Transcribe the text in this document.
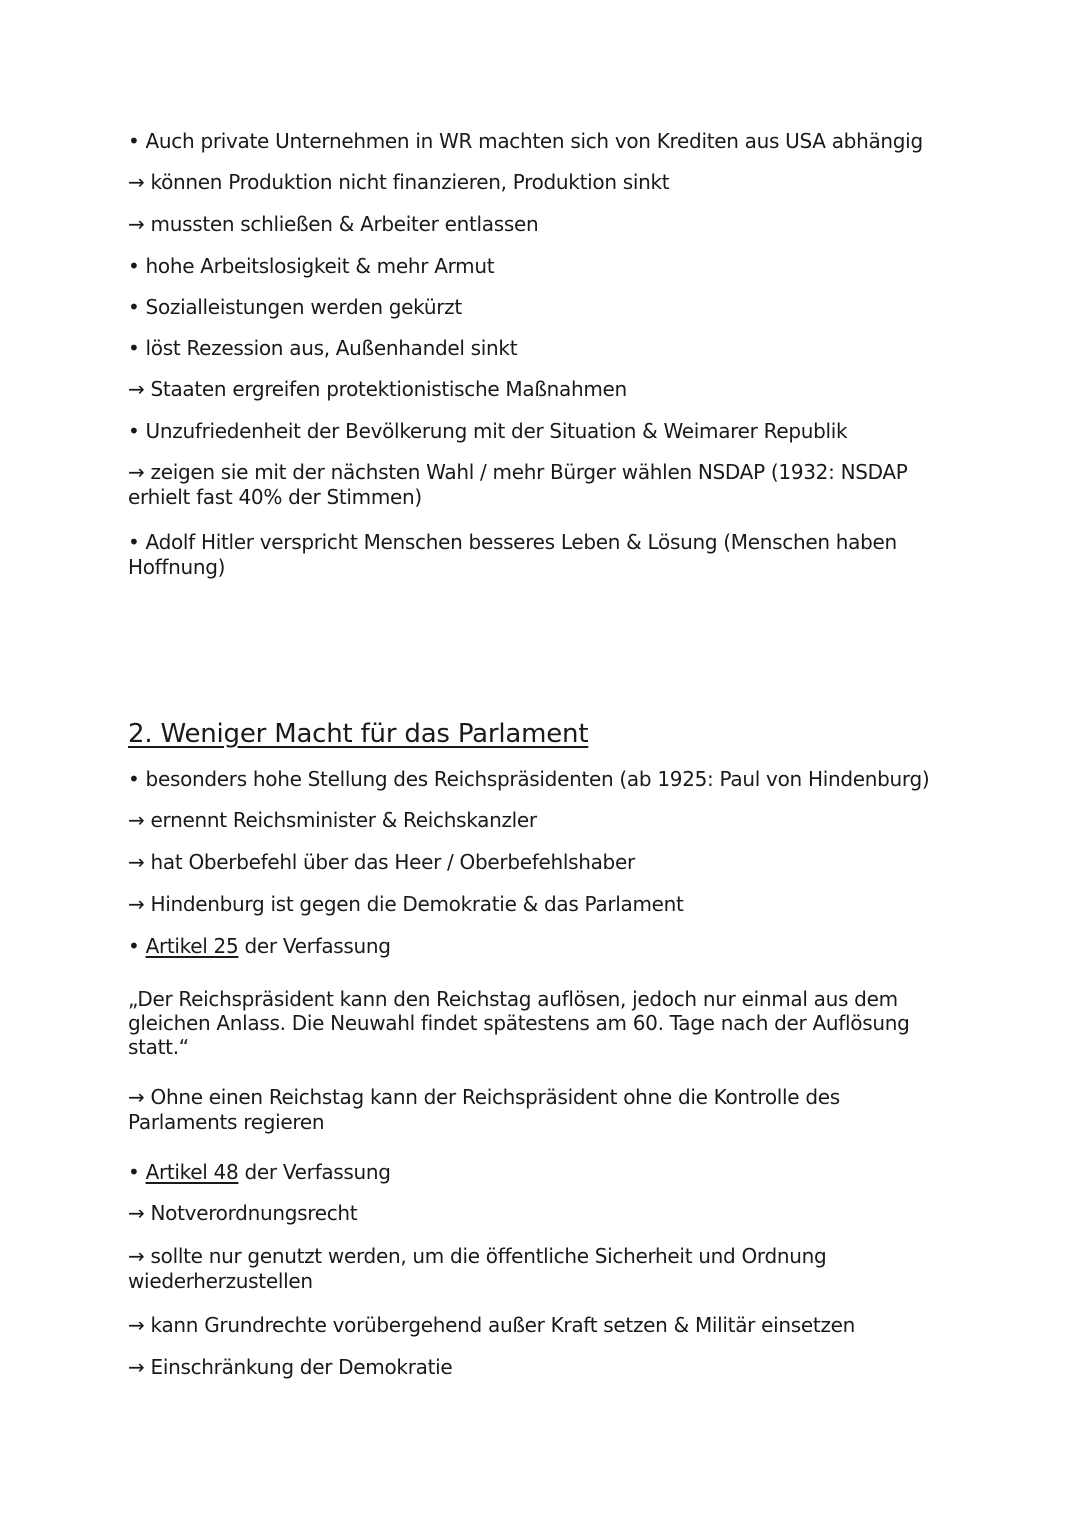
• Auch private Unternehmen in WR machten sich von Krediten aus USA abhängig
→ können Produktion nicht finanzieren, Produktion sinkt
→ mussten schließen & Arbeiter entlassen
• hohe Arbeitslosigkeit & mehr Armut
• Sozialleistungen werden gekürzt
• löst Rezession aus, Außenhandel sinkt
→ Staaten ergreifen protektionistische Maßnahmen
• Unzufriedenheit der Bevölkerung mit der Situation & Weimarer Republik
→ zeigen sie mit der nächsten Wahl / mehr Bürger wählen NSDAP (1932: NSDAP erhielt fast 40% der Stimmen)
• Adolf Hitler verspricht Menschen besseres Leben & Lösung (Menschen haben Hoffnung)
2. Weniger Macht für das Parlament
• besonders hohe Stellung des Reichspräsidenten (ab 1925: Paul von Hindenburg)
→ ernennt Reichsminister & Reichskanzler
→ hat Oberbefehl über das Heer / Oberbefehlshaber
→ Hindenburg ist gegen die Demokratie & das Parlament
• Artikel 25 der Verfassung
„Der Reichspräsident kann den Reichstag auflösen, jedoch nur einmal aus dem gleichen Anlass. Die Neuwahl findet spätestens am 60. Tage nach der Auflösung statt.“
→ Ohne einen Reichstag kann der Reichspräsident ohne die Kontrolle des Parlaments regieren
• Artikel 48 der Verfassung
→ Notverordnungsrecht
→ sollte nur genutzt werden, um die öffentliche Sicherheit und Ordnung wiederherzustellen
→ kann Grundrechte vorübergehend außer Kraft setzen & Militär einsetzen
→ Einschränkung der Demokratie
